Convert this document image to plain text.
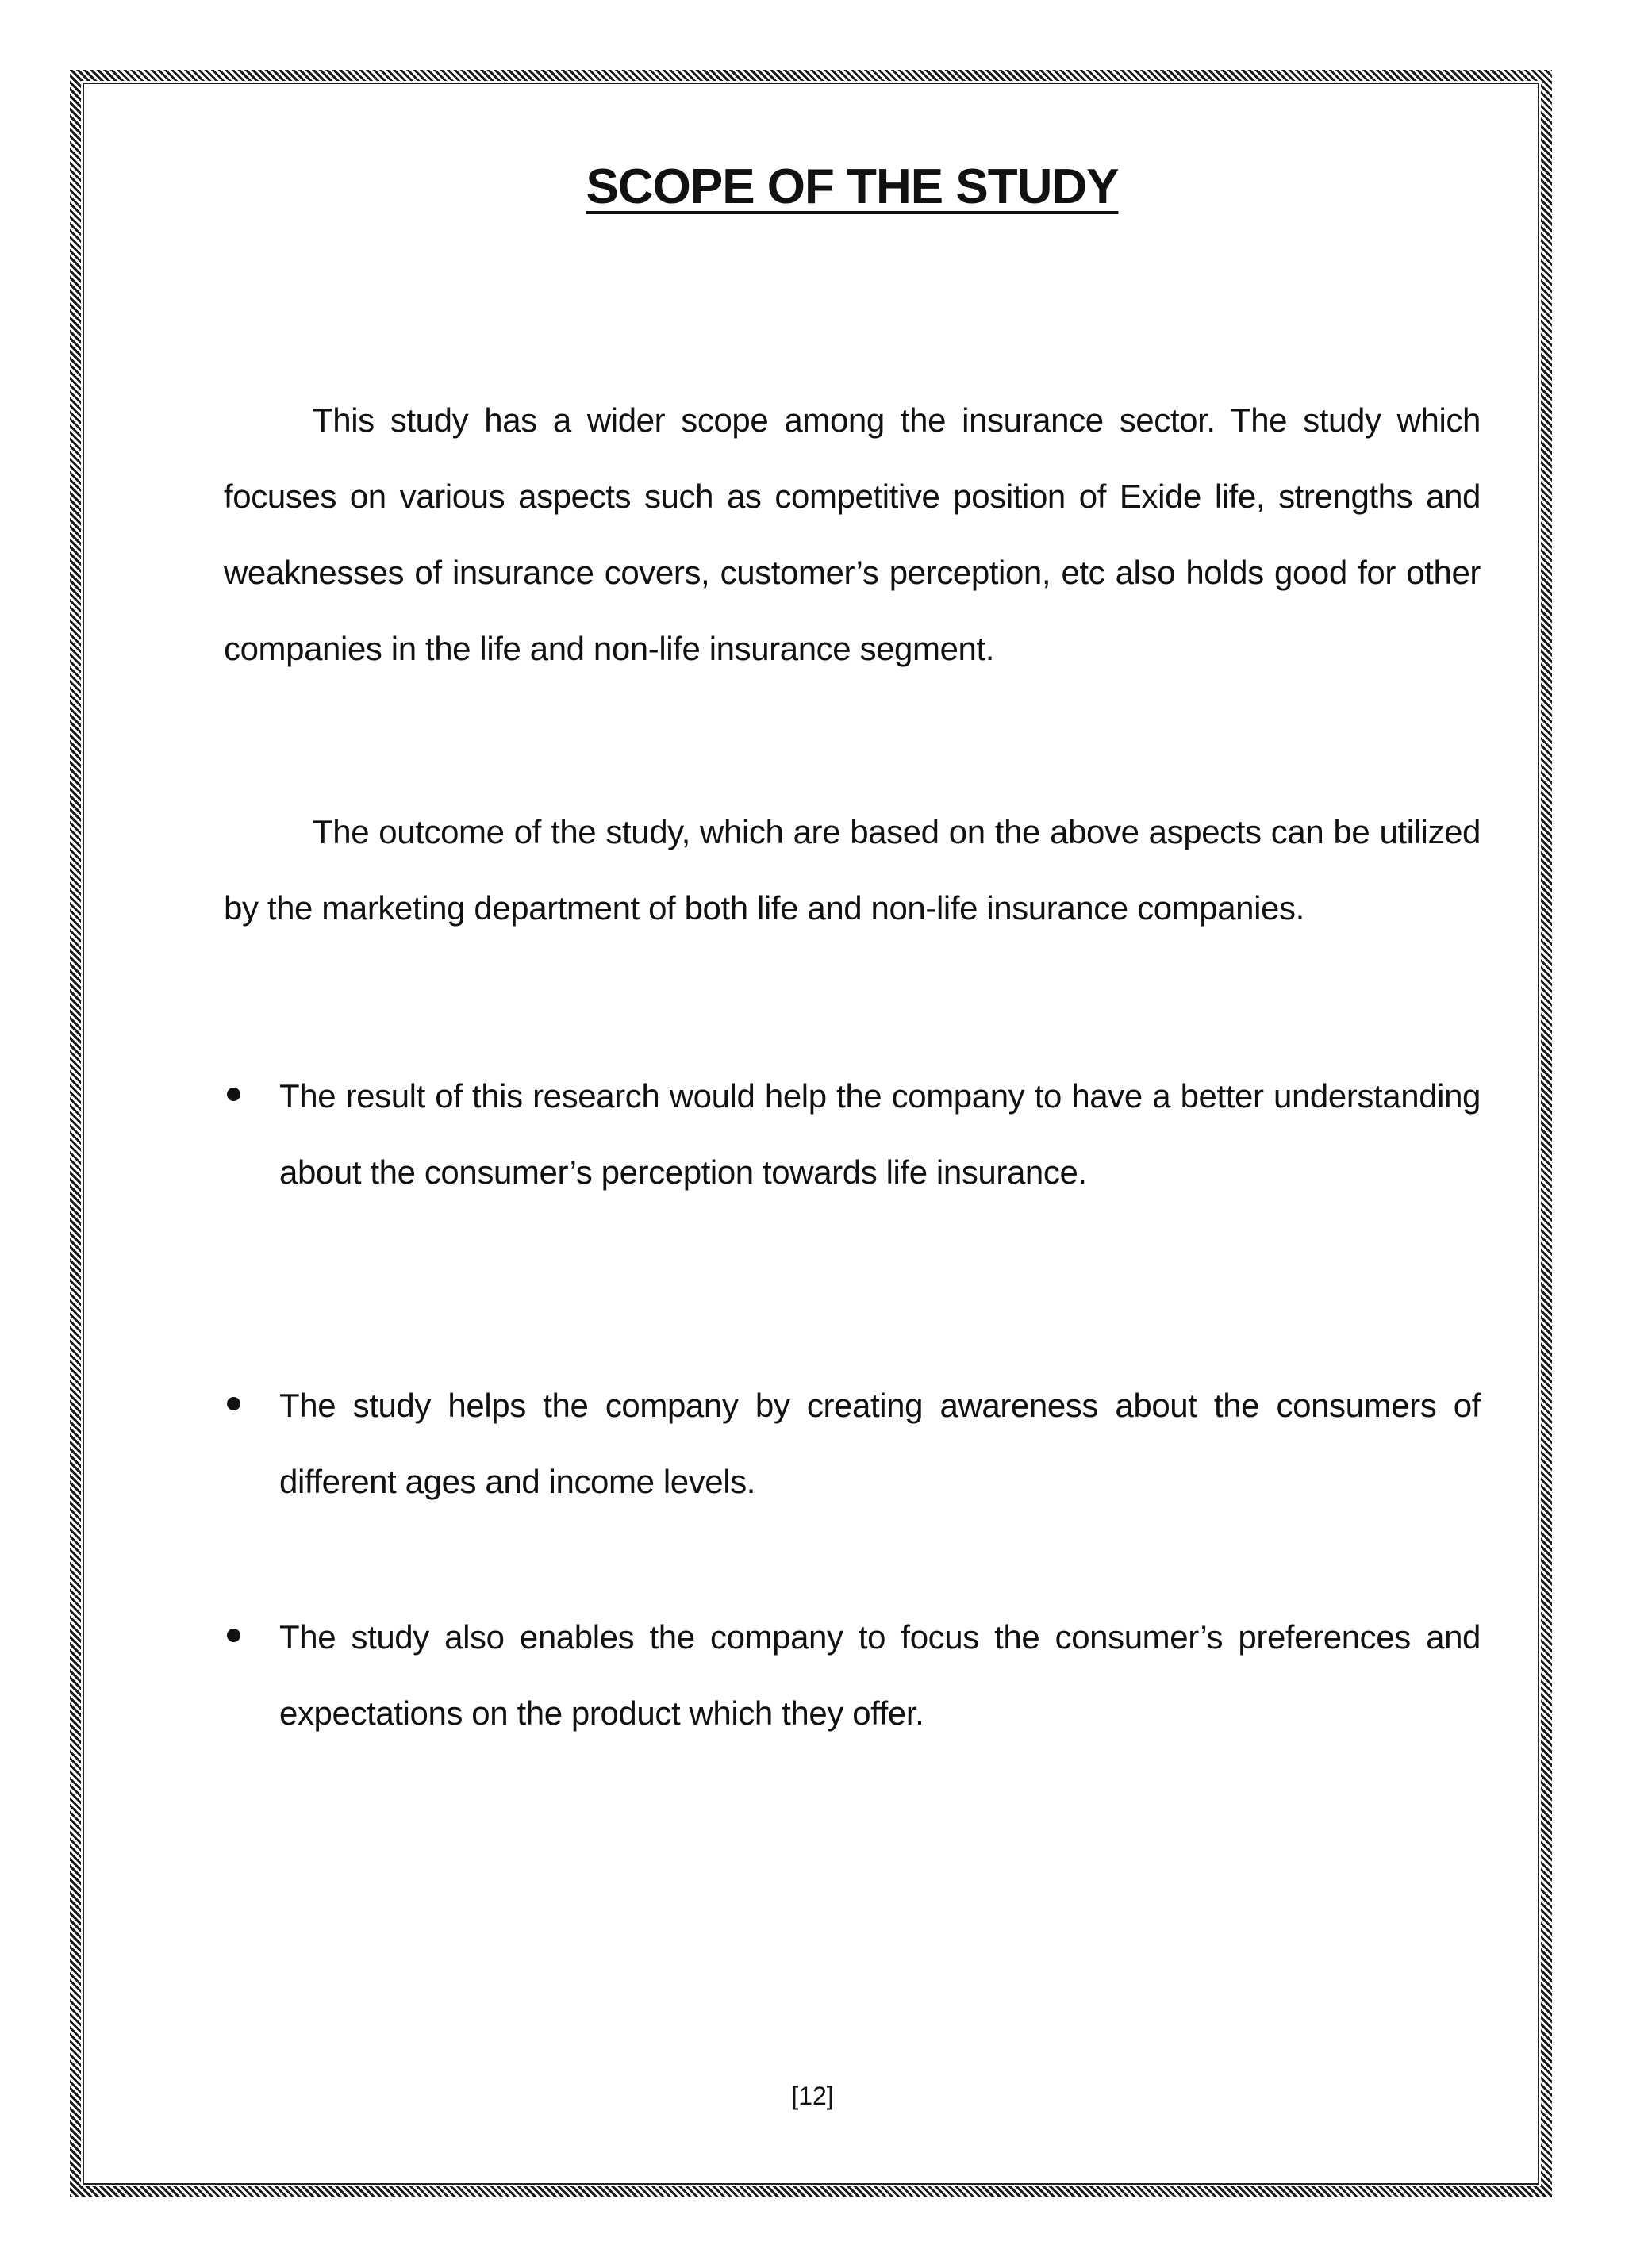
SCOPE OF THE STUDY

This study has a wider scope among the insurance sector. The study which focuses on various aspects such as competitive position of Exide life, strengths and weaknesses of insurance covers, customer’s perception, etc also holds good for other companies in the life and non-life insurance segment.

The outcome of the study, which are based on the above aspects can be utilized by the marketing department of both life and non-life insurance companies.

The result of this research would help the company to have a better understanding about the consumer’s perception towards life insurance.

The study helps the company by creating awareness about the consumers of different ages and income levels.

The study also enables the company to focus the consumer’s preferences and expectations on the product which they offer.

[12]
